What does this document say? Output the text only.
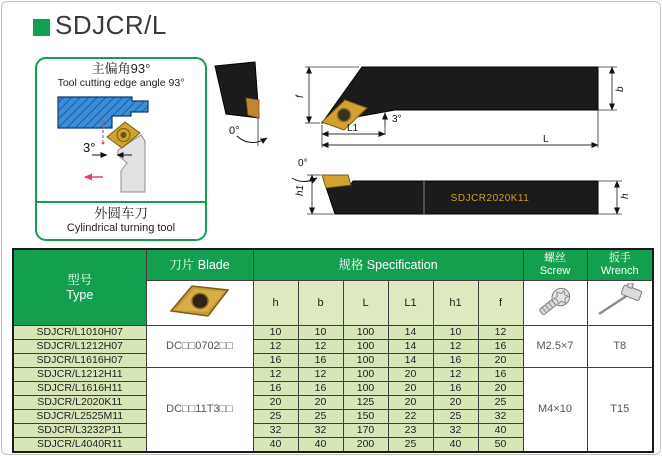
SDJCR/L
主偏角93°
Tool cutting edge angle 93°
3°
外圆车刀
Cylindrical turning tool
0°
f
3°
L1
L
b
SDJCR2020K11
0°
h1
h
型号
Type
	刀片 Blade	规格 Specification	螺丝
Screw

扳手
Wrench

	h	b	L	L1	h1	f		
SDJCR/L1010H07	DC□□0702□□	10	10	100	14	10	12	M2.5×7	T8
SDJCR/L1212H07		12	12	100	14	12	16		
SDJCR/L1616H07		16	16	100	14	16	20		
SDJCR/L1212H11	DC□□11T3□□	12	12	100	20	12	16	M4×10	T15
SDJCR/L1616H11		16	16	100	20	16	20		
SDJCR/L2020K11		20	20	125	20	20	25		
SDJCR/L2525M11		25	25	150	22	25	32		
SDJCR/L3232P11		32	32	170	23	32	40		
SDJCR/L4040R11		40	40	200	25	40	50		
